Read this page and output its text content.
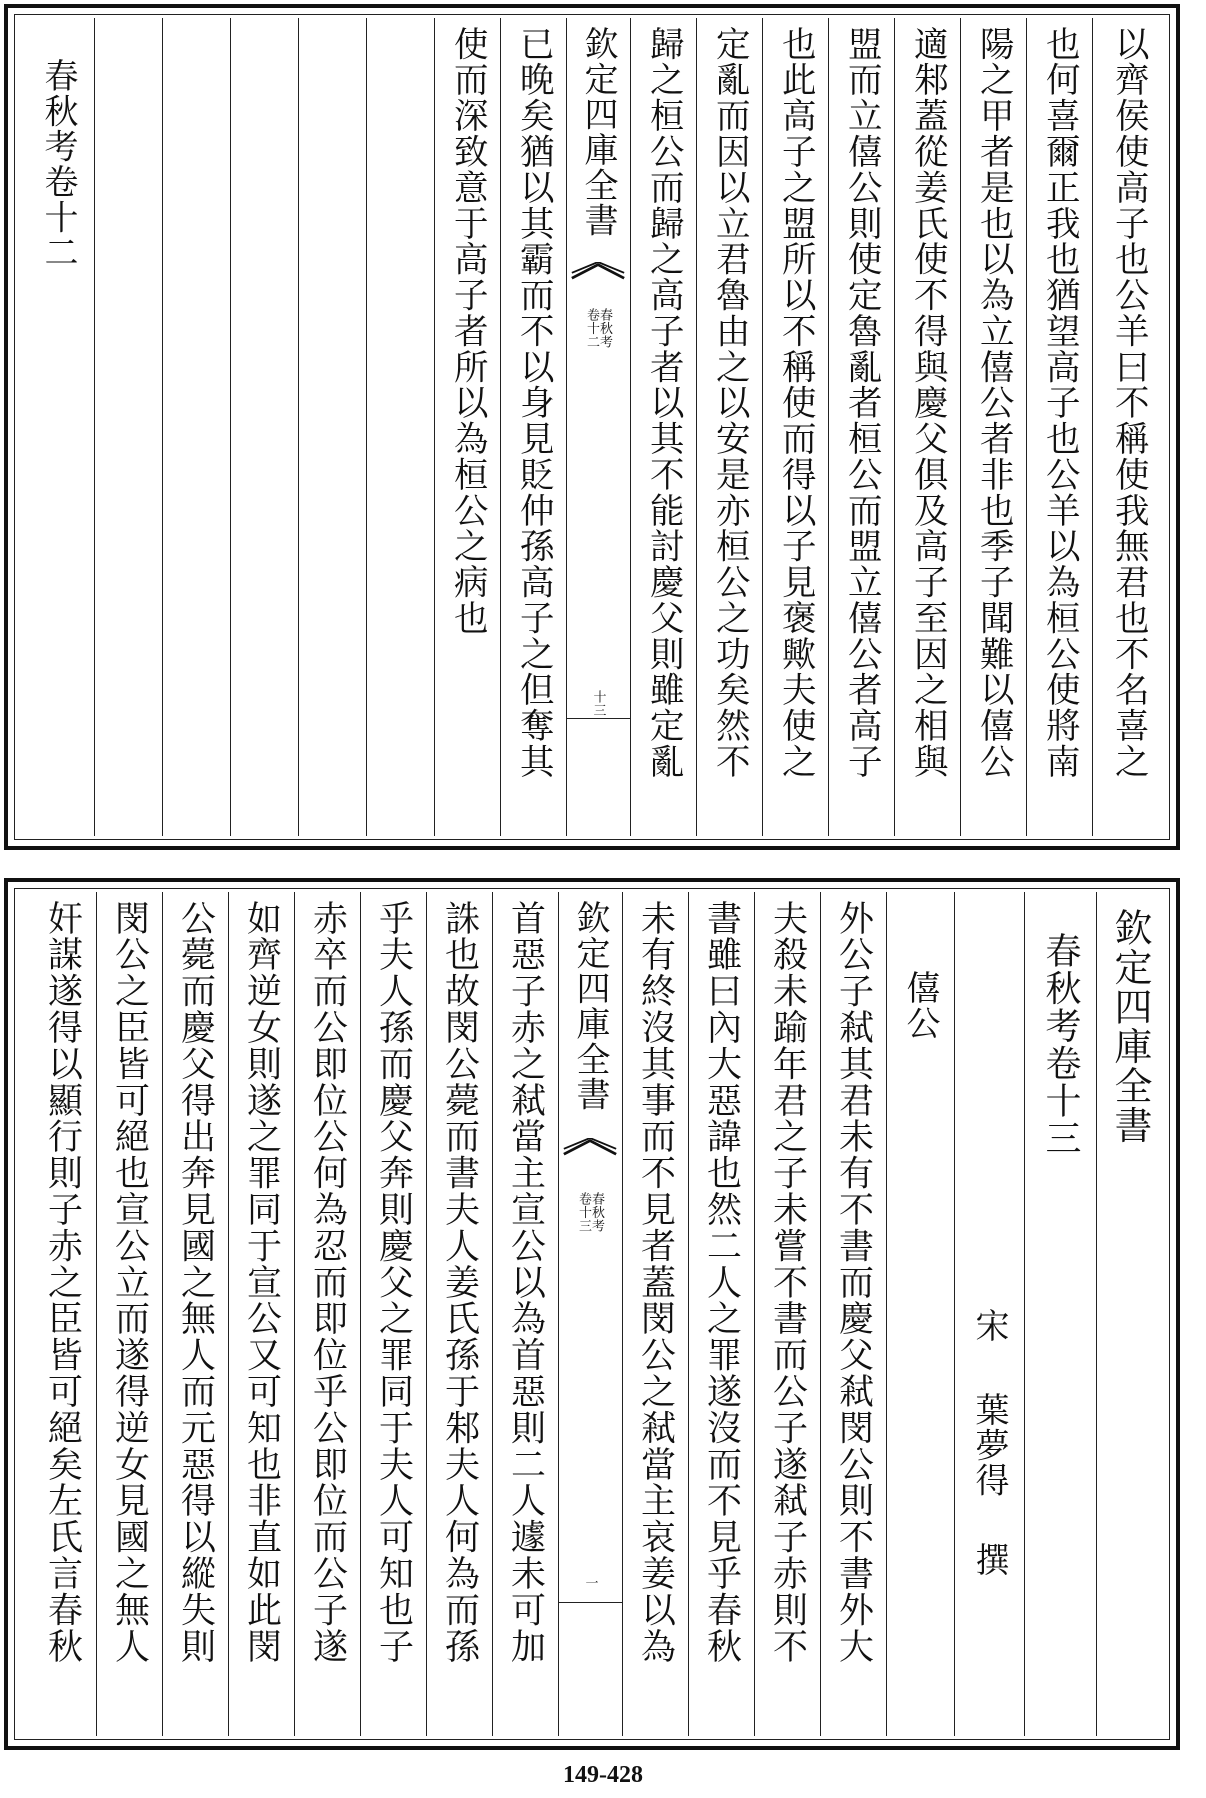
以齊侯使高子也公羊曰不稱使我無君也不名喜之
也何喜爾正我也猶望高子也公羊以為桓公使將南
陽之甲者是也以為立僖公者非也季子聞難以僖公
適邾蓋從姜氏使不得與慶父俱及高子至因之相與
盟而立僖公則使定魯亂者桓公而盟立僖公者高子
也此高子之盟所以不稱使而得以子見褒歟夫使之
定亂而因以立君魯由之以安是亦桓公之功矣然不
歸之桓公而歸之高子者以其不能討慶父則雖定亂
欽定四庫全書
春秋考
卷十二
十三
已晚矣猶以其霸而不以身見貶仲孫高子之但奪其
使而深致意于高子者所以為桓公之病也
春秋考卷十二
欽定四庫全書
春秋考卷十三
宋
葉夢得
撰
僖公
外公子弒其君未有不書而慶父弒閔公則不書外大
夫殺未踰年君之子未嘗不書而公子遂弒子赤則不
書雖曰內大惡諱也然二人之罪遂沒而不見乎春秋
未有終沒其事而不見者蓋閔公之弒當主哀姜以為
欽定四庫全書
春秋考
卷十三
一
首惡子赤之弒當主宣公以為首惡則二人遽未可加
誅也故閔公薨而書夫人姜氏孫于邾夫人何為而孫
乎夫人孫而慶父奔則慶父之罪同于夫人可知也子
赤卒而公即位公何為忍而即位乎公即位而公子遂
如齊逆女則遂之罪同于宣公又可知也非直如此閔
公薨而慶父得出奔見國之無人而元惡得以縱失則
閔公之臣皆可絕也宣公立而遂得逆女見國之無人
奸謀遂得以顯行則子赤之臣皆可絕矣左氏言春秋
149-428
